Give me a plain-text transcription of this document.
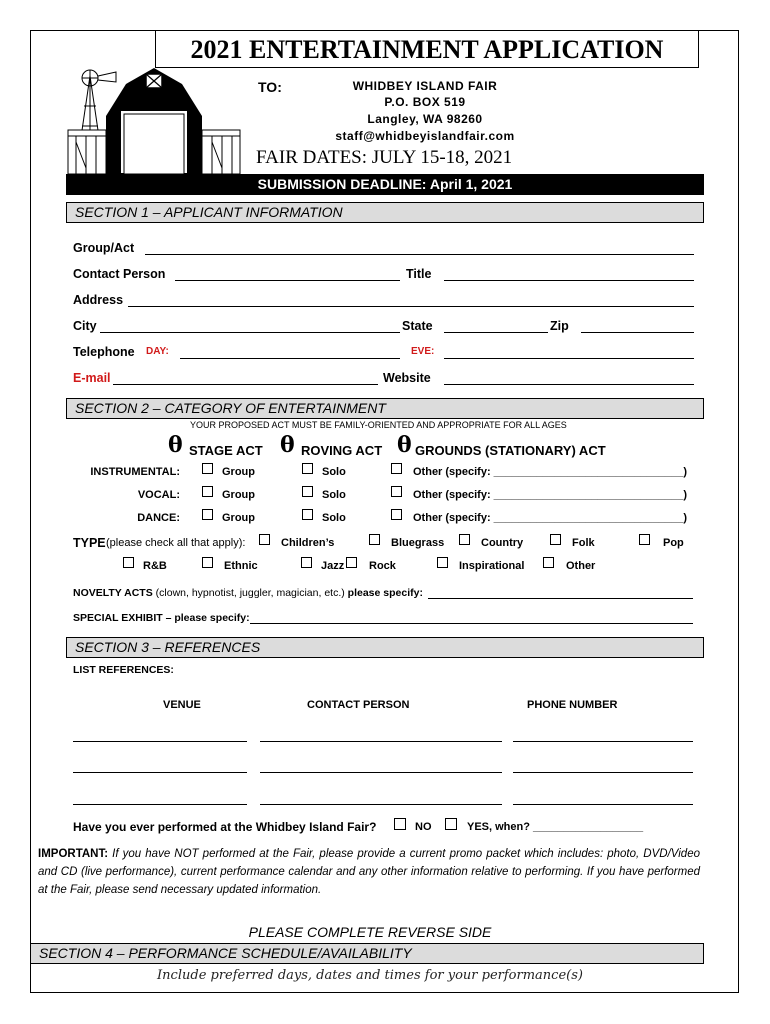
2021 ENTERTAINMENT APPLICATION
TO:	WHIDBEY ISLAND FAIR
P.O. BOX 519
Langley, WA 98260
staff@whidbeyislandfair.com
FAIR DATES: JULY 15-18, 2021
SUBMISSION DEADLINE: April 1, 2021
SECTION 1 – APPLICANT INFORMATION
Group/Act
Contact Person	Title
Address
City	State	Zip
Telephone DAY:	EVE:
E-mail	Website
SECTION 2 – CATEGORY OF ENTERTAINMENT
YOUR PROPOSED ACT MUST BE FAMILY-ORIENTED AND APPROPRIATE FOR ALL AGES
θ STAGE ACT θ ROVING ACT θ GROUNDS (STATIONARY) ACT
INSTRUMENTAL:	Group	Solo	Other (specify: _______________________________)
VOCAL:	Group	Solo	Other (specify: _______________________________)
DANCE:	Group	Solo	Other (specify: _______________________________)
TYPE (please check all that apply):	Children’s	Bluegrass	Country	Folk	Pop
R&B	Ethnic	Jazz Rock	Inspirational	Other
NOVELTY ACTS (clown, hypnotist, juggler, magician, etc.) please specify:
SPECIAL EXHIBIT – please specify:
SECTION 3 – REFERENCES
LIST REFERENCES:
VENUE	CONTACT PERSON	PHONE NUMBER
Have you ever performed at the Whidbey Island Fair?	NO	YES, when? __________________
IMPORTANT: If you have NOT performed at the Fair, please provide a current promo packet which includes: photo, DVD/Video and CD (live performance), current performance calendar and any other information relative to performing. If you have performed at the Fair, please send necessary updated information.
PLEASE COMPLETE REVERSE SIDE
SECTION 4 – PERFORMANCE SCHEDULE/AVAILABILITY
Include preferred days, dates and times for your performance(s)
